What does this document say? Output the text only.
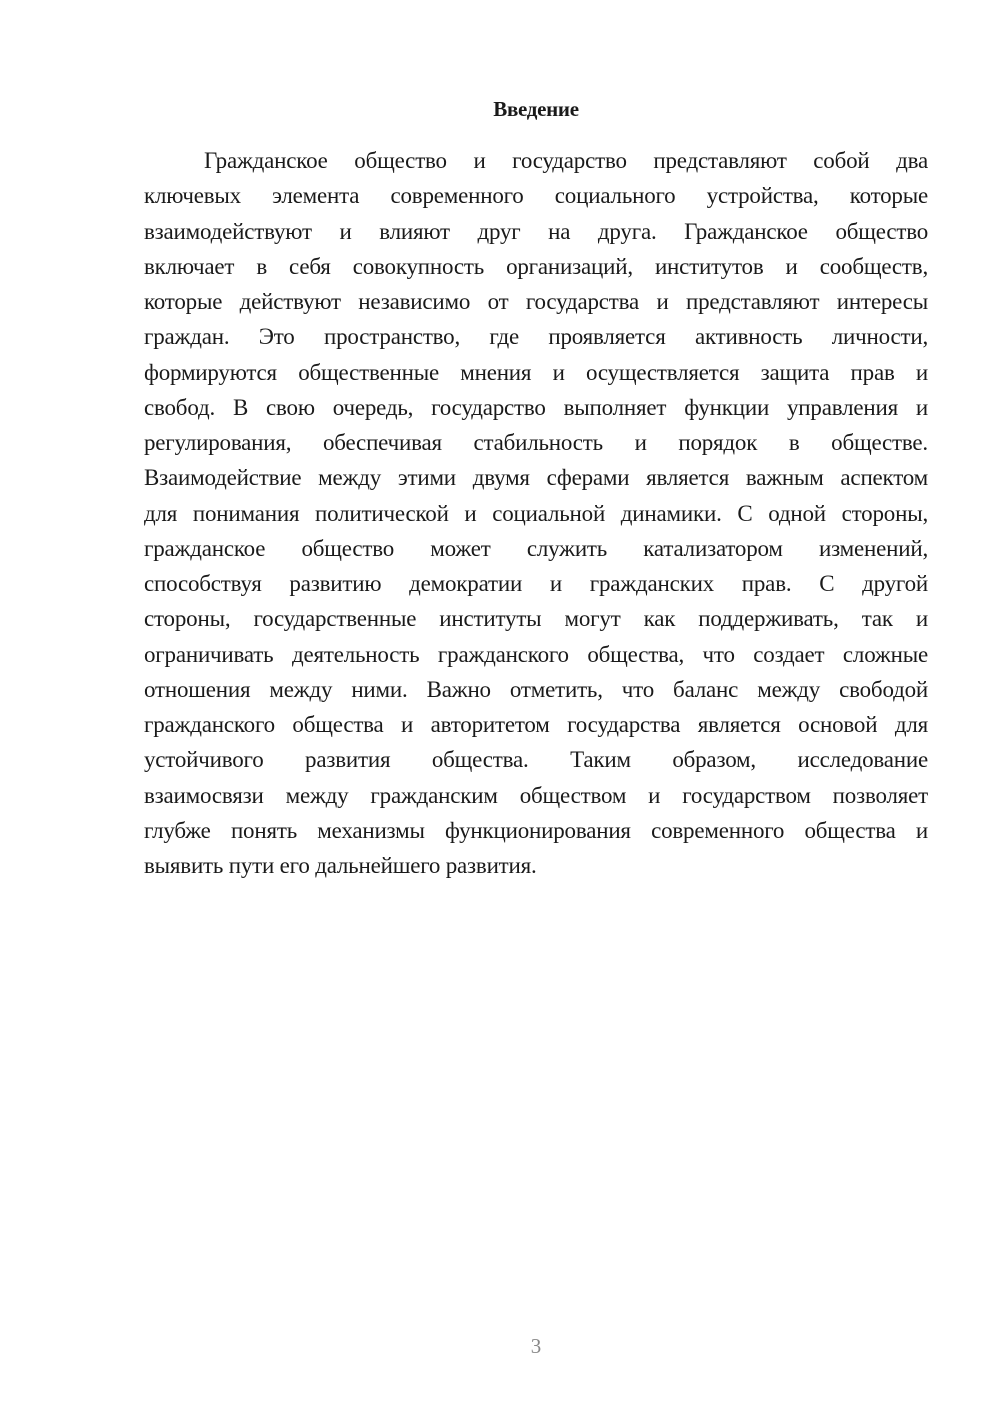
Введение
Гражданское общество и государство представляют собой два
ключевых элемента современного социального устройства, которые
взаимодействуют и влияют друг на друга. Гражданское общество
включает в себя совокупность организаций, институтов и сообществ,
которые действуют независимо от государства и представляют интересы
граждан. Это пространство, где проявляется активность личности,
формируются общественные мнения и осуществляется защита прав и
свобод. В свою очередь, государство выполняет функции управления и
регулирования, обеспечивая стабильность и порядок в обществе.
Взаимодействие между этими двумя сферами является важным аспектом
для понимания политической и социальной динамики. С одной стороны,
гражданское общество может служить катализатором изменений,
способствуя развитию демократии и гражданских прав. С другой
стороны, государственные институты могут как поддерживать, так и
ограничивать деятельность гражданского общества, что создает сложные
отношения между ними. Важно отметить, что баланс между свободой
гражданского общества и авторитетом государства является основой для
устойчивого развития общества. Таким образом, исследование
взаимосвязи между гражданским обществом и государством позволяет
глубже понять механизмы функционирования современного общества и
выявить пути его дальнейшего развития.
3
